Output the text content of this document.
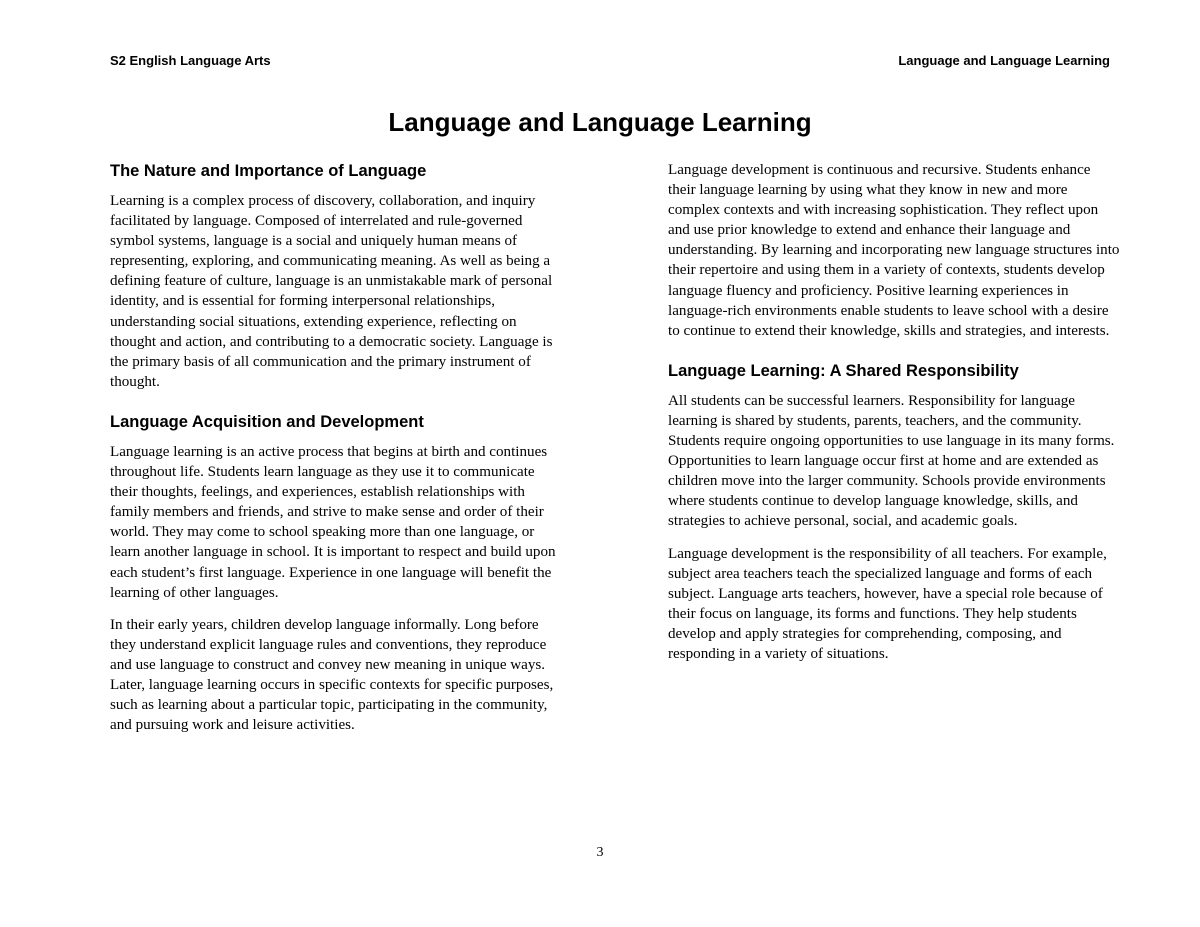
S2 English Language Arts	Language and Language Learning
Language and Language Learning
The Nature and Importance of Language

Learning is a complex process of discovery, collaboration, and inquiry facilitated by language. Composed of interrelated and rule-governed symbol systems, language is a social and uniquely human means of representing, exploring, and communicating meaning. As well as being a defining feature of culture, language is an unmistakable mark of personal identity, and is essential for forming interpersonal relationships, understanding social situations, extending experience, reflecting on thought and action, and contributing to a democratic society. Language is the primary basis of all communication and the primary instrument of thought.

Language Acquisition and Development

Language learning is an active process that begins at birth and continues throughout life. Students learn language as they use it to communicate their thoughts, feelings, and experiences, establish relationships with family members and friends, and strive to make sense and order of their world. They may come to school speaking more than one language, or learn another language in school. It is important to respect and build upon each student’s first language. Experience in one language will benefit the learning of other languages.

In their early years, children develop language informally. Long before they understand explicit language rules and conventions, they reproduce and use language to construct and convey new meaning in unique ways. Later, language learning occurs in specific contexts for specific purposes, such as learning about a particular topic, participating in the community, and pursuing work and leisure activities.

Language development is continuous and recursive. Students enhance their language learning by using what they know in new and more complex contexts and with increasing sophistication. They reflect upon and use prior knowledge to extend and enhance their language and understanding. By learning and incorporating new language structures into their repertoire and using them in a variety of contexts, students develop language fluency and proficiency. Positive learning experiences in language-rich environments enable students to leave school with a desire to continue to extend their knowledge, skills and strategies, and interests.

Language Learning: A Shared Responsibility

All students can be successful learners. Responsibility for language learning is shared by students, parents, teachers, and the community. Students require ongoing opportunities to use language in its many forms. Opportunities to learn language occur first at home and are extended as children move into the larger community. Schools provide environments where students continue to develop language knowledge, skills, and strategies to achieve personal, social, and academic goals.

Language development is the responsibility of all teachers. For example, subject area teachers teach the specialized language and forms of each subject. Language arts teachers, however, have a special role because of their focus on language, its forms and functions. They help students develop and apply strategies for comprehending, composing, and responding in a variety of situations.

3
